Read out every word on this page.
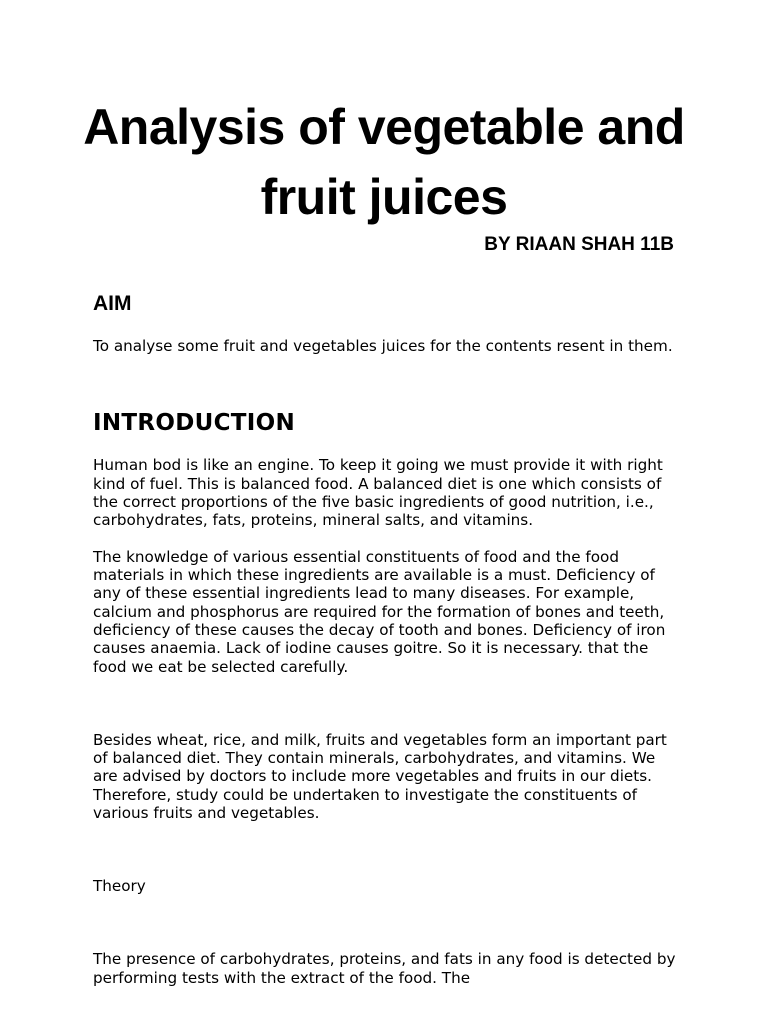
Analysis of vegetable and fruit juices

BY RIAAN SHAH 11B

AIM

To analyse some fruit and vegetables juices for the contents resent in them.

INTRODUCTION

Human bod is like an engine. To keep it going we must provide it with right kind of fuel. This is balanced food. A balanced diet is one which consists of the correct proportions of the five basic ingredients of good nutrition, i.e., carbohydrates, fats, proteins, mineral salts, and vitamins.

The knowledge of various essential constituents of food and the food materials in which these ingredients are available is a must. Deficiency of any of these essential ingredients lead to many diseases. For example, calcium and phosphorus are required for the formation of bones and teeth, deficiency of these causes the decay of tooth and bones. Deficiency of iron causes anaemia. Lack of iodine causes goitre. So it is necessary. that the food we eat be selected carefully.

Besides wheat, rice, and milk, fruits and vegetables form an important part of balanced diet. They contain minerals, carbohydrates, and vitamins. We are advised by doctors to include more vegetables and fruits in our diets. Therefore, study could be undertaken to investigate the constituents of various fruits and vegetables.

Theory

The presence of carbohydrates, proteins, and fats in any food is detected by performing tests with the extract of the food. The
